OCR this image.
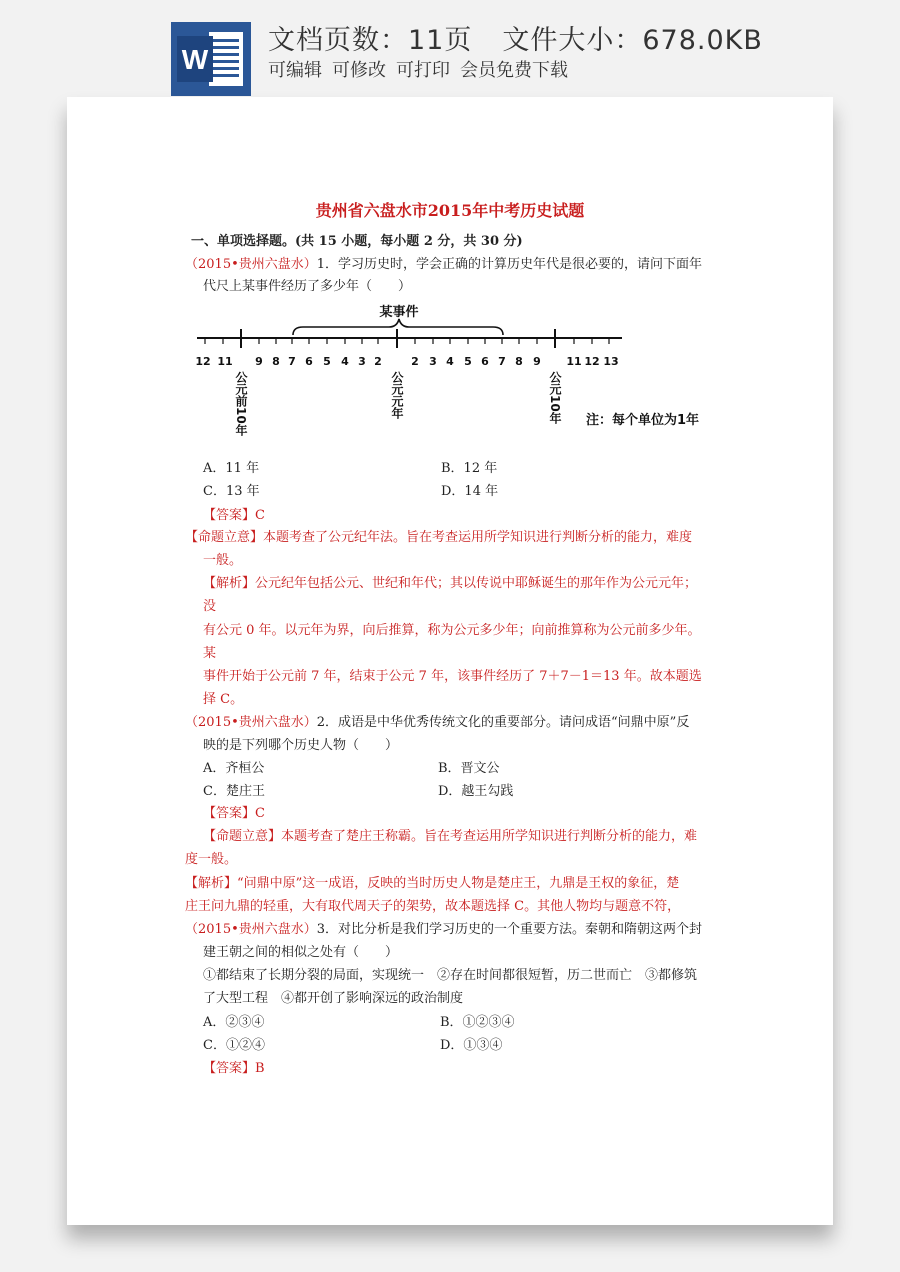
W
文档页数：11页 文件大小：678.0KB
可编辑 可修改 可打印 会员免费下载
贵州省六盘水市2015年中考历史试题
一、单项选择题。(共 15 小题，每小题 2 分，共 30 分)
（2015•贵州六盘水）1．学习历史时，学会正确的计算历史年代是很必要的，请问下面年
代尺上某事件经历了多少年（　　）
某事件
12 11 9 8 7 6 5 4 3 2	2 3 4 5 6 7 8 9 11 12 13
公元前10年	公元元年	公元10年 注：每个单位为1年
A．11 年	B．12 年
C．13 年	D．14 年
【答案】C
【命题立意】本题考查了公元纪年法。旨在考查运用所学知识进行判断分析的能力，难度
一般。
【解析】公元纪年包括公元、世纪和年代；其以传说中耶稣诞生的那年作为公元元年；
没
有公元 0 年。以元年为界，向后推算，称为公元多少年；向前推算称为公元前多少年。
某
事件开始于公元前 7 年，结束于公元 7 年，该事件经历了 7＋7－1＝13 年。故本题选
择 C。
（2015•贵州六盘水）2．成语是中华优秀传统文化的重要部分。请问成语“问鼎中原”反
映的是下列哪个历史人物（　　）
A．齐桓公	B．晋文公
C．楚庄王	D．越王勾践
【答案】C
【命题立意】本题考查了楚庄王称霸。旨在考查运用所学知识进行判断分析的能力，难
度一般。
【解析】“问鼎中原”这一成语，反映的当时历史人物是楚庄王，九鼎是王权的象征，楚
庄王问九鼎的轻重，大有取代周天子的架势，故本题选择 C。其他人物均与题意不符，
（2015•贵州六盘水）3．对比分析是我们学习历史的一个重要方法。秦朝和隋朝这两个封
建王朝之间的相似之处有（　　）
①都结束了长期分裂的局面，实现统一　②存在时间都很短暂，历二世而亡　③都修筑
了大型工程　④都开创了影响深远的政治制度
A．②③④	B．①②③④
C．①②④	D．①③④
【答案】B
